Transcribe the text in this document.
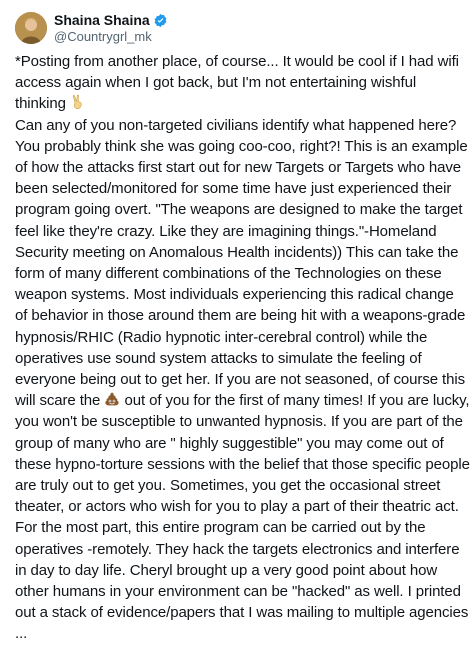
Shaina Shaina
@Countrygrl_mk

*Posting from another place, of course... It would be cool if I had wifi access again when I got back, but I'm not entertaining wishful thinking

Can any of you non-targeted civilians identify what happened here? You probably think she was going coo-coo, right?! This is an example of how the attacks first start out for new Targets or Targets who have been selected/monitored for some time have just experienced their program going overt. "The weapons are designed to make the target feel like they're crazy. Like they are imagining things."-Homeland Security meeting on Anomalous Health incidents)) This can take the form of many different combinations of the Technologies on these weapon systems. Most individuals experiencing this radical change of behavior in those around them are being hit with a weapons-grade hypnosis/RHIC (Radio hypnotic inter-cerebral control) while the operatives use sound system attacks to simulate the feeling of everyone being out to get her. If you are not seasoned, of course this will scare the out of you for the first of many times! If you are lucky, you won't be susceptible to unwanted hypnosis. If you are part of the group of many who are " highly suggestible" you may come out of these hypno-torture sessions with the belief that those specific people are truly out to get you. Sometimes, you get the occasional street theater, or actors who wish for you to play a part of their theatric act. For the most part, this entire program can be carried out by the operatives -remotely. They hack the targets electronics and interfere in day to day life. Cheryl brought up a very good point about how other humans in your environment can be "hacked" as well. I printed out a stack of evidence/papers that I was mailing to multiple agencies ...
